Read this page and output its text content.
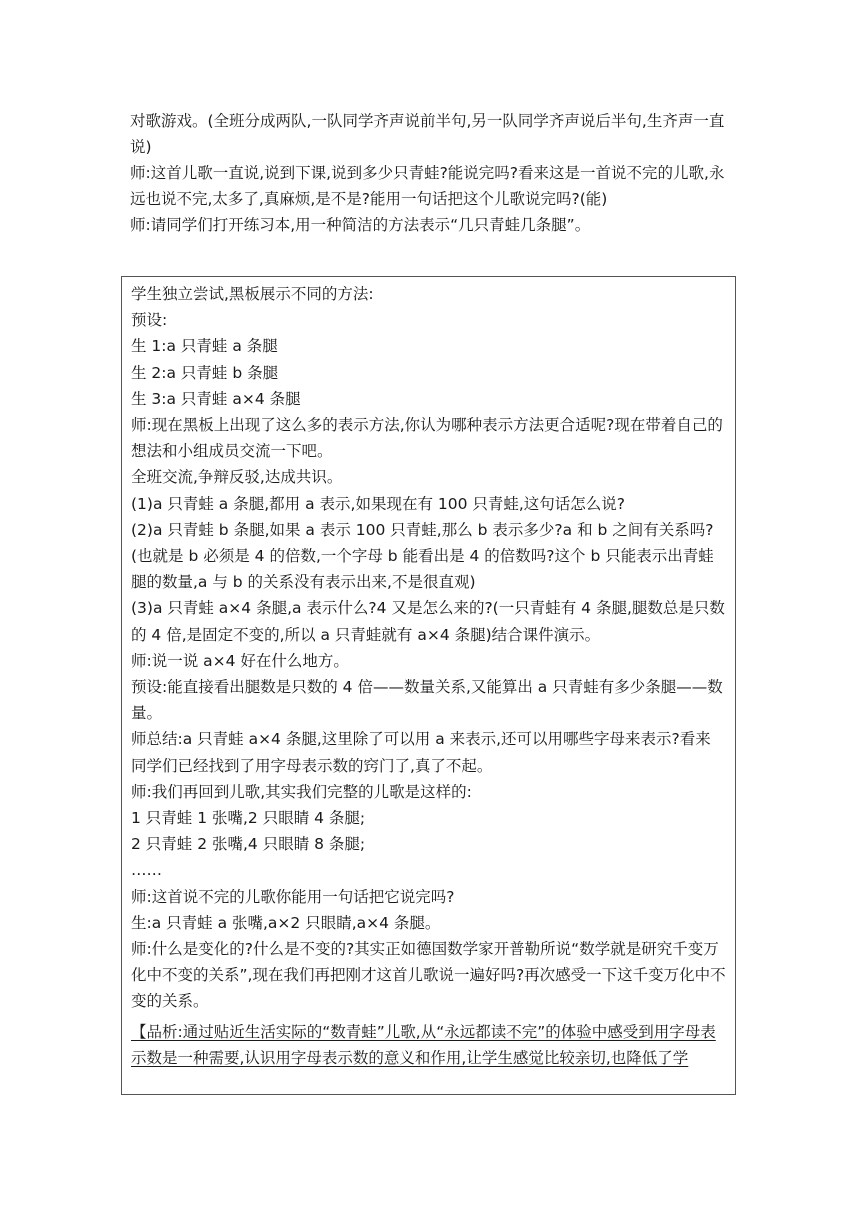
对歌游戏。(全班分成两队,一队同学齐声说前半句,另一队同学齐声说后半句,生齐声一直说)

师:这首儿歌一直说,说到下课,说到多少只青蛙?能说完吗?看来这是一首说不完的儿歌,永远也说不完,太多了,真麻烦,是不是?能用一句话把这个儿歌说完吗?(能)

师:请同学们打开练习本,用一种简洁的方法表示“几只青蛙几条腿”。

学生独立尝试,黑板展示不同的方法:

预设:

生 1:a 只青蛙 a 条腿

生 2:a 只青蛙 b 条腿

生 3:a 只青蛙 a×4 条腿

师:现在黑板上出现了这么多的表示方法,你认为哪种表示方法更合适呢?现在带着自己的想法和小组成员交流一下吧。

全班交流,争辩反驳,达成共识。

(1)a 只青蛙 a 条腿,都用 a 表示,如果现在有 100 只青蛙,这句话怎么说?

(2)a 只青蛙 b 条腿,如果 a 表示 100 只青蛙,那么 b 表示多少?a 和 b 之间有关系吗?(也就是 b 必须是 4 的倍数,一个字母 b 能看出是 4 的倍数吗?这个 b 只能表示出青蛙腿的数量,a 与 b 的关系没有表示出来,不是很直观)

(3)a 只青蛙 a×4 条腿,a 表示什么?4 又是怎么来的?(一只青蛙有 4 条腿,腿数总是只数的 4 倍,是固定不变的,所以 a 只青蛙就有 a×4 条腿)结合课件演示。

师:说一说 a×4 好在什么地方。

预设:能直接看出腿数是只数的 4 倍——数量关系,又能算出 a 只青蛙有多少条腿——数量。

师总结:a 只青蛙 a×4 条腿,这里除了可以用 a 来表示,还可以用哪些字母来表示?看来同学们已经找到了用字母表示数的窍门了,真了不起。

师:我们再回到儿歌,其实我们完整的儿歌是这样的:

1 只青蛙 1 张嘴,2 只眼睛 4 条腿;

2 只青蛙 2 张嘴,4 只眼睛 8 条腿;

……

师:这首说不完的儿歌你能用一句话把它说完吗?

生:a 只青蛙 a 张嘴,a×2 只眼睛,a×4 条腿。

师:什么是变化的?什么是不变的?其实正如德国数学家开普勒所说“数学就是研究千变万化中不变的关系”,现在我们再把刚才这首儿歌说一遍好吗?再次感受一下这千变万化中不变的关系。

【品析:通过贴近生活实际的“数青蛙”儿歌,从“永远都读不完”的体验中感受到用字母表示数是一种需要,认识用字母表示数的意义和作用,让学生感觉比较亲切,也降低了学
